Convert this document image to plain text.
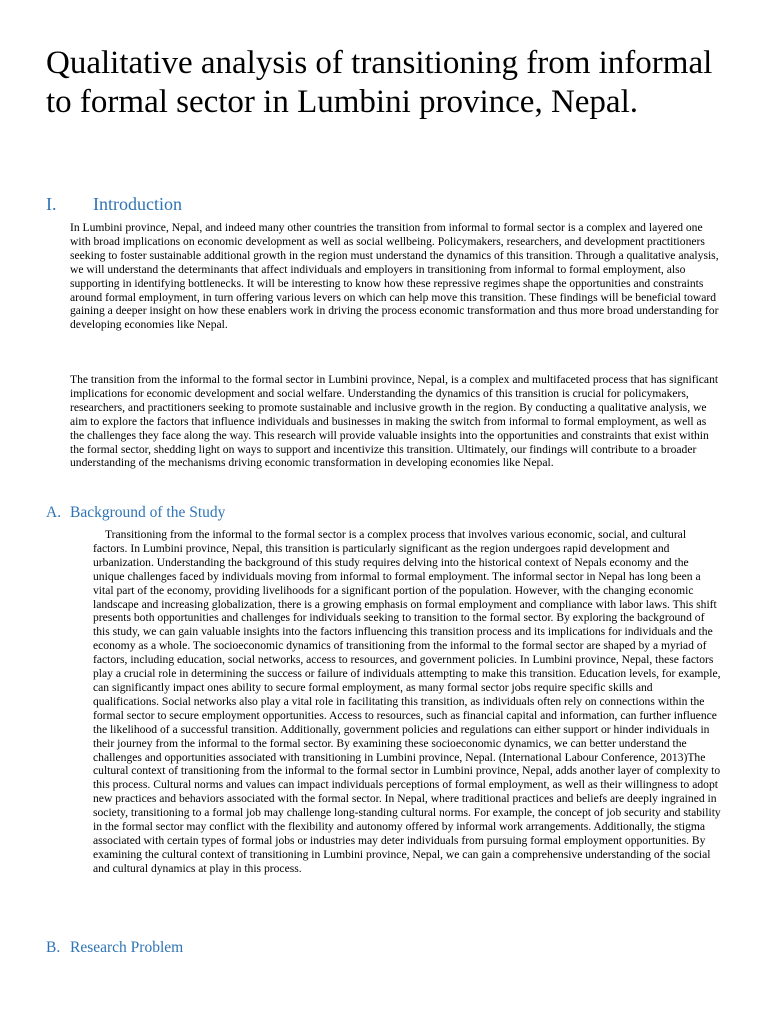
Qualitative analysis of transitioning from informal to formal sector in Lumbini province, Nepal.
I. Introduction

In Lumbini province, Nepal, and indeed many other countries the transition from informal to formal sector is a complex and layered one with broad implications on economic development as well as social wellbeing. Policymakers, researchers, and development practitioners seeking to foster sustainable additional growth in the region must understand the dynamics of this transition. Through a qualitative analysis, we will understand the determinants that affect individuals and employers in transitioning from informal to formal employment, also supporting in identifying bottlenecks. It will be interesting to know how these repressive regimes shape the opportunities and constraints around formal employment, in turn offering various levers on which can help move this transition. These findings will be beneficial toward gaining a deeper insight on how these enablers work in driving the process economic transformation and thus more broad understanding for developing economies like Nepal.

The transition from the informal to the formal sector in Lumbini province, Nepal, is a complex and multifaceted process that has significant implications for economic development and social welfare. Understanding the dynamics of this transition is crucial for policymakers, researchers, and practitioners seeking to promote sustainable and inclusive growth in the region. By conducting a qualitative analysis, we aim to explore the factors that influence individuals and businesses in making the switch from informal to formal employment, as well as the challenges they face along the way. This research will provide valuable insights into the opportunities and constraints that exist within the formal sector, shedding light on ways to support and incentivize this transition. Ultimately, our findings will contribute to a broader understanding of the mechanisms driving economic transformation in developing economies like Nepal.

A. Background of the Study

Transitioning from the informal to the formal sector is a complex process that involves various economic, social, and cultural factors. In Lumbini province, Nepal, this transition is particularly significant as the region undergoes rapid development and urbanization. Understanding the background of this study requires delving into the historical context of Nepals economy and the unique challenges faced by individuals moving from informal to formal employment. The informal sector in Nepal has long been a vital part of the economy, providing livelihoods for a significant portion of the population. However, with the changing economic landscape and increasing globalization, there is a growing emphasis on formal employment and compliance with labor laws. This shift presents both opportunities and challenges for individuals seeking to transition to the formal sector. By exploring the background of this study, we can gain valuable insights into the factors influencing this transition process and its implications for individuals and the economy as a whole. The socioeconomic dynamics of transitioning from the informal to the formal sector are shaped by a myriad of factors, including education, social networks, access to resources, and government policies. In Lumbini province, Nepal, these factors play a crucial role in determining the success or failure of individuals attempting to make this transition. Education levels, for example, can significantly impact ones ability to secure formal employment, as many formal sector jobs require specific skills and qualifications. Social networks also play a vital role in facilitating this transition, as individuals often rely on connections within the formal sector to secure employment opportunities. Access to resources, such as financial capital and information, can further influence the likelihood of a successful transition. Additionally, government policies and regulations can either support or hinder individuals in their journey from the informal to the formal sector. By examining these socioeconomic dynamics, we can better understand the challenges and opportunities associated with transitioning in Lumbini province, Nepal. (International Labour Conference, 2013)The cultural context of transitioning from the informal to the formal sector in Lumbini province, Nepal, adds another layer of complexity to this process. Cultural norms and values can impact individuals perceptions of formal employment, as well as their willingness to adopt new practices and behaviors associated with the formal sector. In Nepal, where traditional practices and beliefs are deeply ingrained in society, transitioning to a formal job may challenge long-standing cultural norms. For example, the concept of job security and stability in the formal sector may conflict with the flexibility and autonomy offered by informal work arrangements. Additionally, the stigma associated with certain types of formal jobs or industries may deter individuals from pursuing formal employment opportunities. By examining the cultural context of transitioning in Lumbini province, Nepal, we can gain a comprehensive understanding of the social and cultural dynamics at play in this process.

B. Research Problem
